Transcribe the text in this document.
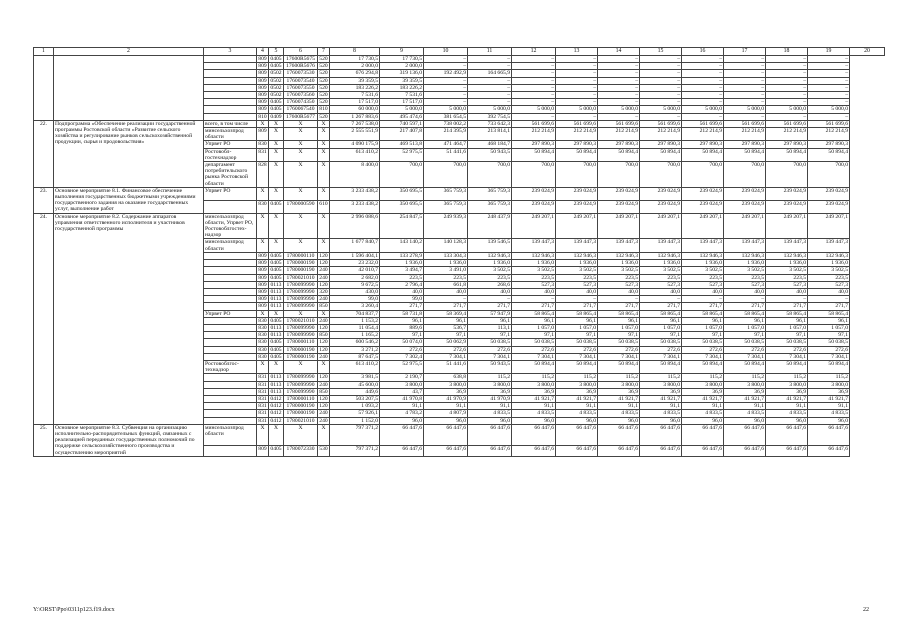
1	2	3	4	5	6	7	8	9	10	11	12	13	14	15	16	17	18	19	20
			809	0405	17600R5675	520	17 730,5	17 730,5	–	–	–	–	–	–	–	–	–	–	
			809	0405	17600R5676	520	2 000,0	2 000,0	–	–	–	–	–	–	–	–	–	–	
			809	0502	1760073530	520	676 294,8	319 136,0	192 492,9	164 665,9	–	–	–	–	–	–	–	–	
			809	0502	1760073540	520	39 359,5	39 359,5	–	–	–	–	–	–	–	–	–	–	
			809	0502	1760073550	520	183 226,2	183 226,2	–	–	–	–	–	–	–	–	–	–	
			809	0502	1760073560	520	7 531,6	7 531,6	–	–	–	–	–	–	–	–	–	–	
			809	0405	1760074350	520	17 517,0	17 517,0	–	–	–	–	–	–	–	–	–	–	
			809	0405	1760067540	810	60 000,0	5 000,0	5 000,0	5 000,0	5 000,0	5 000,0	5 000,0	5 000,0	5 000,0	5 000,0	5 000,0	5 000,0	
			810	0409	17600R5677	520	1 267 883,6	495 474,6	381 654,5	392 754,5	–	–	–	–	–	–	–	–	
22.	Подпрограмма «Обеспечение реализации государственной программы Ростовской области «Развитие сельского хозяйства и регулирование рынков сельскохозяйственной продукции, сырья и продовольствия»	всего, в том числе	X	X	X	X	7 267 538,0	740 597,1	738 002,2	733 642,3	561 699,6	561 699,6	561 699,6	561 699,6	561 699,6	561 699,6	561 699,6	561 699,6	
		минсельхозпрод области	809	X	X	X	2 555 551,9	217 407,8	214 395,9	213 814,1	212 214,9	212 214,9	212 214,9	212 214,9	212 214,9	212 214,9	212 214,9	212 214,9	
		Упрвет РО	830	X	X	X	4 090 175,9	469 513,8	471 464,7	468 184,7	297 890,3	297 890,3	297 890,3	297 890,3	297 890,3	297 890,3	297 890,3	297 890,3	
		Ростовобл-гостехнадзор	831	X	X	X	613 410,2	52 975,5	51 441,6	50 943,5	50 894,4	50 894,4	50 894,4	50 894,4	50 894,4	50 894,4	50 894,4	50 894,4	
		департамент потребительского рынка Ростовской области	828	X	X	X	8 400,0	700,0	700,0	700,0	700,0	700,0	700,0	700,0	700,0	700,0	700,0	700,0	
23.	Основное мероприятие 8.1. Финансовое обеспечение выполнения государственных бюджетными учреждениями государственного задания на оказание государственных услуг, выполнение работ	Упрвет РО	X	X	X	X	3 233 438,2	350 695,5	365 759,3	365 759,3	239 024,9	239 024,9	239 024,9	239 024,9	239 024,9	239 024,9	239 024,9	239 024,9	
			830	0405	1780000590	610	3 233 438,2	350 695,5	365 759,3	365 759,3	239 024,9	239 024,9	239 024,9	239 024,9	239 024,9	239 024,9	239 024,9	239 024,9	
24.	Основное мероприятие 8.2. Содержание аппаратов управления ответственного исполнителя и участников государственной программы	минсельхозпрод области, Упрвет РО, Ростовоблгостех-надзор	X	X	X	X	2 996 088,6	254 847,5	249 939,3	248 437,9	249 207,1	249 207,1	249 207,1	249 207,1	249 207,1	249 207,1	249 207,1	249 207,1	
		минсельхозпрод области	X	X	X	X	1 677 840,7	143 140,2	140 128,3	139 546,5	139 447,3	139 447,3	139 447,3	139 447,3	139 447,3	139 447,3	139 447,3	139 447,3	
			809	0405	1780000110	120	1 596 404,1	133 278,9	133 304,3	132 946,3	132 946,3	132 946,3	132 946,3	132 946,3	132 946,3	132 946,3	132 946,3	132 946,3	
			809	0405	1780000190	120	23 232,0	1 936,0	1 936,0	1 936,0	1 936,0	1 936,0	1 936,0	1 936,0	1 936,0	1 936,0	1 936,0	1 936,0	
			809	0405	1780000190	240	42 010,7	3 494,7	3 491,0	3 502,5	3 502,5	3 502,5	3 502,5	3 502,5	3 502,5	3 502,5	3 502,5	3 502,5	
			809	0405	1780021010	240	2 682,0	223,5	223,5	223,5	223,5	223,5	223,5	223,5	223,5	223,5	223,5	223,5	
			809	0113	1780099990	120	9 672,5	2 796,4	661,8	268,6	527,3	527,3	527,3	527,3	527,3	527,3	527,3	527,3	
			809	0113	1780099990	320	430,0	40,0	40,0	40,0	40,0	40,0	40,0	40,0	40,0	40,0	40,0	40,0	
			809	0113	1780099990	240	99,0	99,0	–	–	–	–	–	–	–	–	–	–	
			809	0113	1780099990	850	3 260,4	271,7	271,7	271,7	271,7	271,7	271,7	271,7	271,7	271,7	271,7	271,7	
		Упрвет РО	X	X	X	X	704 837,7	58 731,8	58 369,4	57 947,9	58 865,4	58 865,4	58 865,4	58 865,4	58 865,4	58 865,4	58 865,4	58 865,4	
			830	0405	1780021010	240	1 153,2	96,1	96,1	96,1	96,1	96,1	96,1	96,1	96,1	96,1	96,1	96,1	
			830	0113	1780099990	120	11 054,4	889,6	536,7	113,1	1 057,0	1 057,0	1 057,0	1 057,0	1 057,0	1 057,0	1 057,0	1 057,0	
			830	0113	1780099990	850	1 165,2	97,1	97,1	97,1	97,1	97,1	97,1	97,1	97,1	97,1	97,1	97,1	
			830	0405	1780000110	120	600 546,2	50 074,0	50 062,9	50 038,5	50 038,5	50 038,5	50 038,5	50 038,5	50 038,5	50 038,5	50 038,5	50 038,5	
			830	0405	1780000190	120	3 271,2	272,6	272,6	272,6	272,6	272,6	272,6	272,6	272,6	272,6	272,6	272,6	
			830	0405	1780000190	240	87 647,5	7 302,4	7 304,1	7 304,1	7 304,1	7 304,1	7 304,1	7 304,1	7 304,1	7 304,1	7 304,1	7 304,1	
		Ростовоблгос-технадзор	X	X	X	X	613 410,2	52 975,5	51 441,6	50 943,5	50 894,4	50 894,4	50 894,4	50 894,4	50 894,4	50 894,4	50 894,4	50 894,4	
			831	0113	1780099990	120	3 981,5	2 190,7	638,8	115,2	115,2	115,2	115,2	115,2	115,2	115,2	115,2	115,2	
			831	0113	1780099990	240	45 600,0	3 800,0	3 800,0	3 800,0	3 800,0	3 800,0	3 800,0	3 800,0	3 800,0	3 800,0	3 800,0	3 800,0	
			831	0113	1780099990	850	449,6	43,7	36,9	36,9	36,9	36,9	36,9	36,9	36,9	36,9	36,9	36,9	
			831	0412	1780000110	120	503 207,5	41 970,8	41 970,9	41 970,9	41 921,7	41 921,7	41 921,7	41 921,7	41 921,7	41 921,7	41 921,7	41 921,7	
			831	0412	1780000190	120	1 093,2	91,1	91,1	91,1	91,1	91,1	91,1	91,1	91,1	91,1	91,1	91,1	
			831	0412	1780000190	240	57 926,1	4 783,2	4 807,9	4 833,5	4 833,5	4 833,5	4 833,5	4 833,5	4 833,5	4 833,5	4 833,5	4 833,5	
			831	0412	1780021010	240	1 152,0	96,0	96,0	96,0	96,0	96,0	96,0	96,0	96,0	96,0	96,0	96,0	
25.	Основное мероприятие 8.3. Субвенция на организацию исполнительно-распорядительных функций, связанных с реализацией переданных государственных полномочий по поддержке сельскохозяйственного производства и осуществлению мероприятий	минсельхозпрод области	X	X	X	X	797 371,2	66 447,6	66 447,6	66 447,6	66 447,6	66 447,6	66 447,6	66 447,6	66 447,6	66 447,6	66 447,6	66 447,6	
			809	0405	1780072330	530	797 371,2	66 447,6	66 447,6	66 447,6	66 447,6	66 447,6	66 447,6	66 447,6	66 447,6	66 447,6	66 447,6	66 447,6	
Y:\ORST\Ppo\0311p123.f19.docx	22
